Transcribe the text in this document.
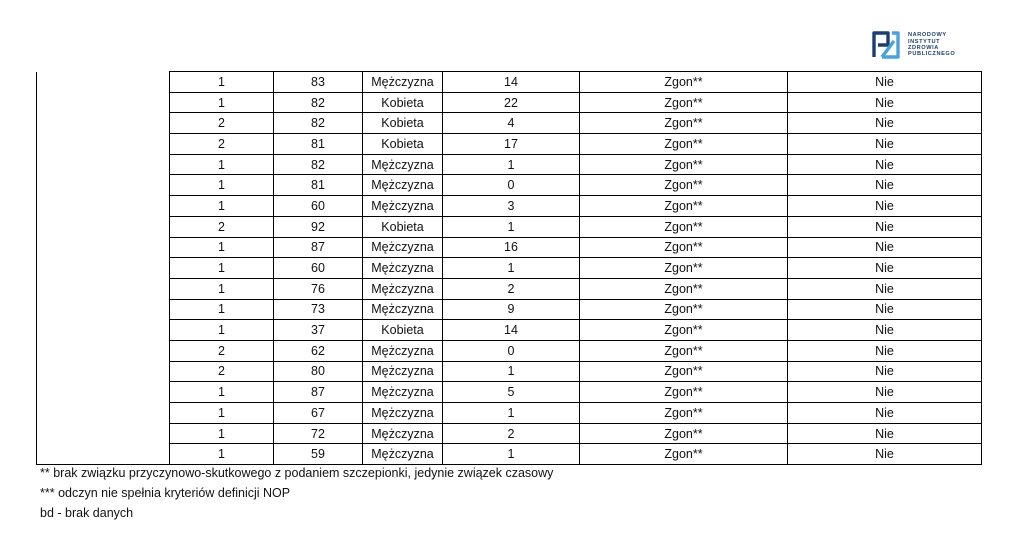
NARODOWY
INSTYTUT
ZDROWIA
PUBLICZNEGO
	1	83	Mężczyzna	14	Zgon**	Nie
	1	82	Kobieta	22	Zgon**	Nie
	2	82	Kobieta	4	Zgon**	Nie
	2	81	Kobieta	17	Zgon**	Nie
	1	82	Mężczyzna	1	Zgon**	Nie
	1	81	Mężczyzna	0	Zgon**	Nie
	1	60	Mężczyzna	3	Zgon**	Nie
	2	92	Kobieta	1	Zgon**	Nie
	1	87	Mężczyzna	16	Zgon**	Nie
	1	60	Mężczyzna	1	Zgon**	Nie
	1	76	Mężczyzna	2	Zgon**	Nie
	1	73	Mężczyzna	9	Zgon**	Nie
	1	37	Kobieta	14	Zgon**	Nie
	2	62	Mężczyzna	0	Zgon**	Nie
	2	80	Mężczyzna	1	Zgon**	Nie
	1	87	Mężczyzna	5	Zgon**	Nie
	1	67	Mężczyzna	1	Zgon**	Nie
	1	72	Mężczyzna	2	Zgon**	Nie
	1	59	Mężczyzna	1	Zgon**	Nie
** brak związku przyczynowo-skutkowego z podaniem szczepionki, jedynie związek czasowy
*** odczyn nie spełnia kryteriów definicji NOP
bd - brak danych
